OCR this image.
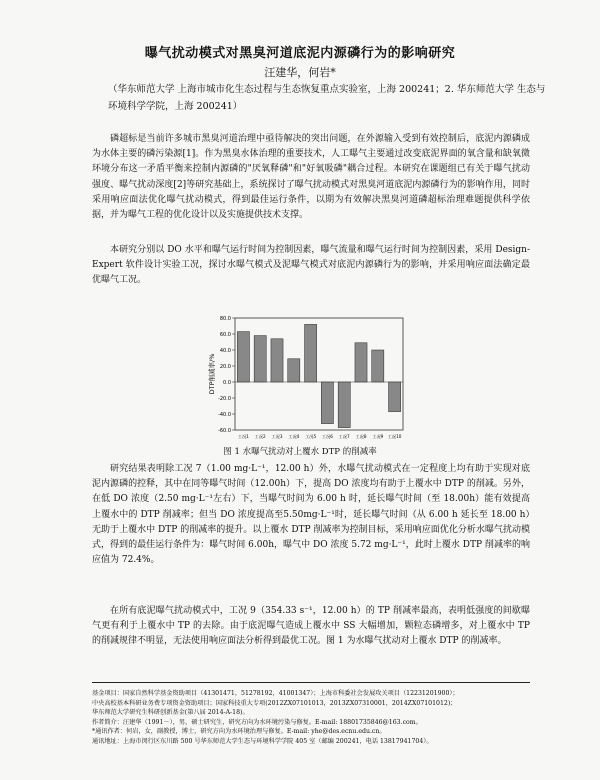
曝气扰动模式对黑臭河道底泥内源磷行为的影响研究
汪建华，何岩*
（华东师范大学 上海市城市化生态过程与生态恢复重点实验室，上海 200241；2. 华东师范大学 生态与环境科学学院，上海 200241）

磷超标是当前许多城市黑臭河道治理中亟待解决的突出问题，在外源输入受到有效控制后，底泥内源磷成为水体主要的磷污染源[1]。作为黑臭水体治理的重要技术，人工曝气主要通过改变底泥界面的氧含量和缺氧微环境分布这一矛盾平衡来控制内源磷的"厌氧释磷"和"好氧吸磷"耦合过程。本研究在课题组已有关于曝气扰动强度、曝气扰动深度[2]等研究基础上，系统探讨了曝气扰动模式对黑臭河道底泥内源磷行为的影响作用，同时采用响应面法优化曝气扰动模式，得到最佳运行条件，以期为有效解决黑臭河道磷超标治理难题提供科学依据，并为曝气工程的优化设计以及实施提供技术支撑。

本研究分别以 DO 水平和曝气运行时间为控制因素，曝气流量和曝气运行时间为控制因素，采用 Design-Expert 软件设计实验工况，探讨水曝气模式及泥曝气模式对底泥内源磷行为的影响，并采用响应面法确定最优曝气工况。

80.0
60.0
40.0
20.0
0.0
-20.0
-40.0
-60.0
工况1 工况2 工况3 工况4 工况5 工况6 工况7 工况8 工况9 工况10
DTP削减率/%
图 1 水曝气扰动对上覆水 DTP 的削减率

研究结果表明除工况 7（1.00 mg·L⁻¹，12.00 h）外，水曝气扰动模式在一定程度上均有助于实现对底泥内源磷的控释，其中在同等曝气时间（12.00h）下，提高 DO 浓度均有助于上覆水中 DTP 的削减。另外，在低 DO 浓度（2.50 mg·L⁻¹左右）下，当曝气时间为 6.00 h 时，延长曝气时间（至 18.00h）能有效提高上覆水中的 DTP 削减率；但当 DO 浓度提高至5.50mg·L⁻¹时，延长曝气时间（从 6.00 h 延长至 18.00 h）无助于上覆水中 DTP 的削减率的提升。以上覆水 DTP 削减率为控制目标，采用响应面优化分析水曝气扰动模式，得到的最佳运行条件为：曝气时间 6.00h，曝气中 DO 浓度 5.72 mg·L⁻¹，此时上覆水 DTP 削减率的响应值为 72.4%。

在所有底泥曝气扰动模式中，工况 9（354.33 s⁻¹，12.00 h）的 TP 削减率最高，表明低强度的间歇曝气更有利于上覆水中 TP 的去除。由于底泥曝气造成上覆水中 SS 大幅增加，颗粒态磷增多，对上覆水中 TP 的削减规律不明显，无法使用响应面法分析得到最优工况。图 1 为水曝气扰动对上覆水 DTP 的削减率。

基金项目：国家自然科学基金资助项目（41301471，51278192，41001347）；上海市科委社会发展攻关项目（12231201900）；
中央高校基本科研业务费专项资金资助项目；国家科技重大专项(2012ZX07101013，2013ZX07310001，2014ZX07101012)；
华东师范大学研究生科研创新基金(第八届 2014-A-18)。
作者简介：汪建华（1991－），男，硕士研究生，研究方向为水环境污染与修复。E-mail: 18801735846@163.com。
*通讯作者：何岩，女，副教授，博士，研究方向为水环境治理与修复。E-mail: yhe@des.ecnu.edu.cn。
通讯地址：上海市闵行区东川路 500 号华东师范大学生态与环境科学学院 405 室（邮编 200241，电话 13817941704）。
